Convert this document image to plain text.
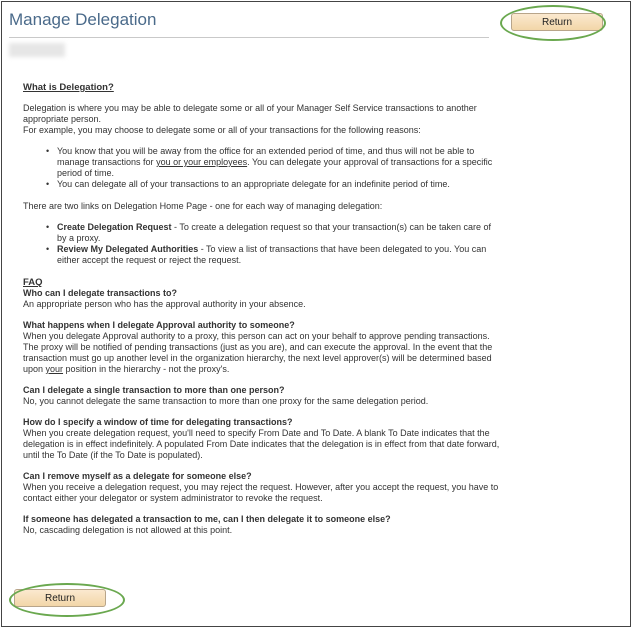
Manage Delegation	Return

What is Delegation?

Delegation is where you may be able to delegate some or all of your Manager Self Service transactions to another appropriate person.

For example, you may choose to delegate some or all of your transactions for the following reasons:

• You know that you will be away from the office for an extended period of time, and thus will not be able to manage transactions for you or your employees. You can delegate your approval of transactions for a specific period of time.
• You can delegate all of your transactions to an appropriate delegate for an indefinite period of time.

There are two links on Delegation Home Page - one for each way of managing delegation:

• Create Delegation Request - To create a delegation request so that your transaction(s) can be taken care of by a proxy.
• Review My Delegated Authorities - To view a list of transactions that have been delegated to you. You can either accept the request or reject the request.

FAQ

Who can I delegate transactions to?

An appropriate person who has the approval authority in your absence.

What happens when I delegate Approval authority to someone?

When you delegate Approval authority to a proxy, this person can act on your behalf to approve pending transactions. The proxy will be notified of pending transactions (just as you are), and can execute the approval. In the event that the transaction must go up another level in the organization hierarchy, the next level approver(s) will be determined based upon your position in the hierarchy - not the proxy's.

Can I delegate a single transaction to more than one person?

No, you cannot delegate the same transaction to more than one proxy for the same delegation period.

How do I specify a window of time for delegating transactions?

When you create delegation request, you'll need to specify From Date and To Date. A blank To Date indicates that the delegation is in effect indefinitely. A populated From Date indicates that the delegation is in effect from that date forward, until the To Date (if the To Date is populated).

Can I remove myself as a delegate for someone else?

When you receive a delegation request, you may reject the request. However, after you accept the request, you have to contact either your delegator or system administrator to revoke the request.

If someone has delegated a transaction to me, can I then delegate it to someone else?

No, cascading delegation is not allowed at this point.

Return
